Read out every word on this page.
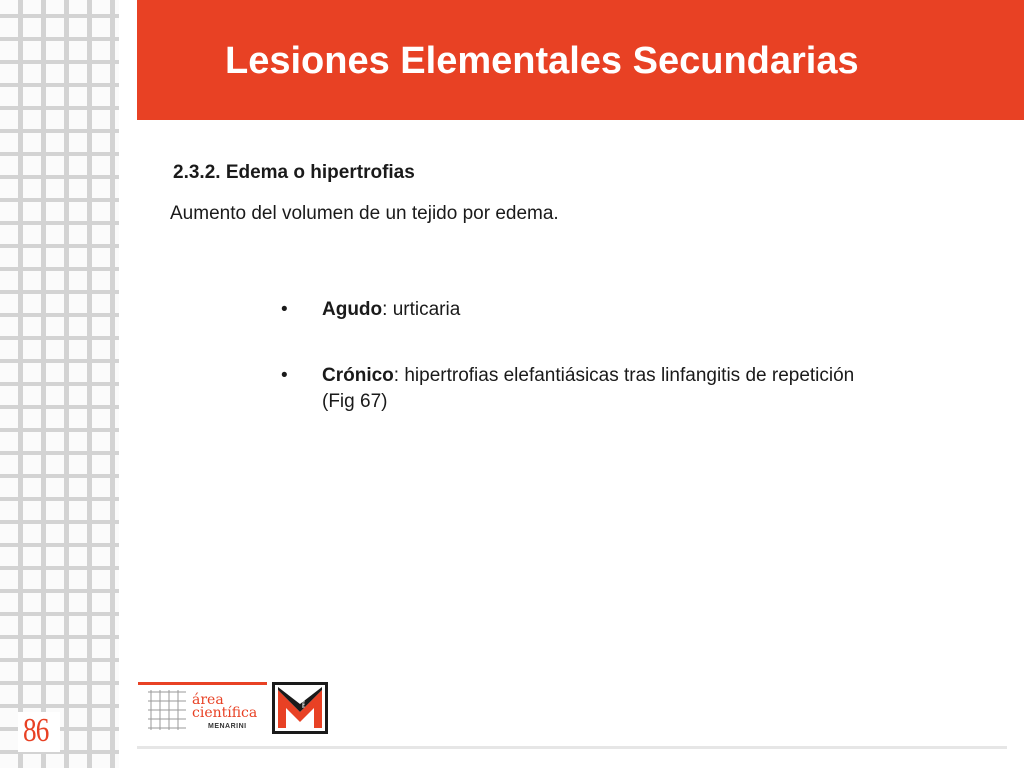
Lesiones Elementales Secundarias
2.3.2. Edema o hipertrofias
Aumento del volumen de un tejido por edema.
• Agudo: urticaria
• Crónico: hipertrofias elefantiásicas tras linfangitis de repetición (Fig 67)
86
área
científica
MENARINI
MENARINI
